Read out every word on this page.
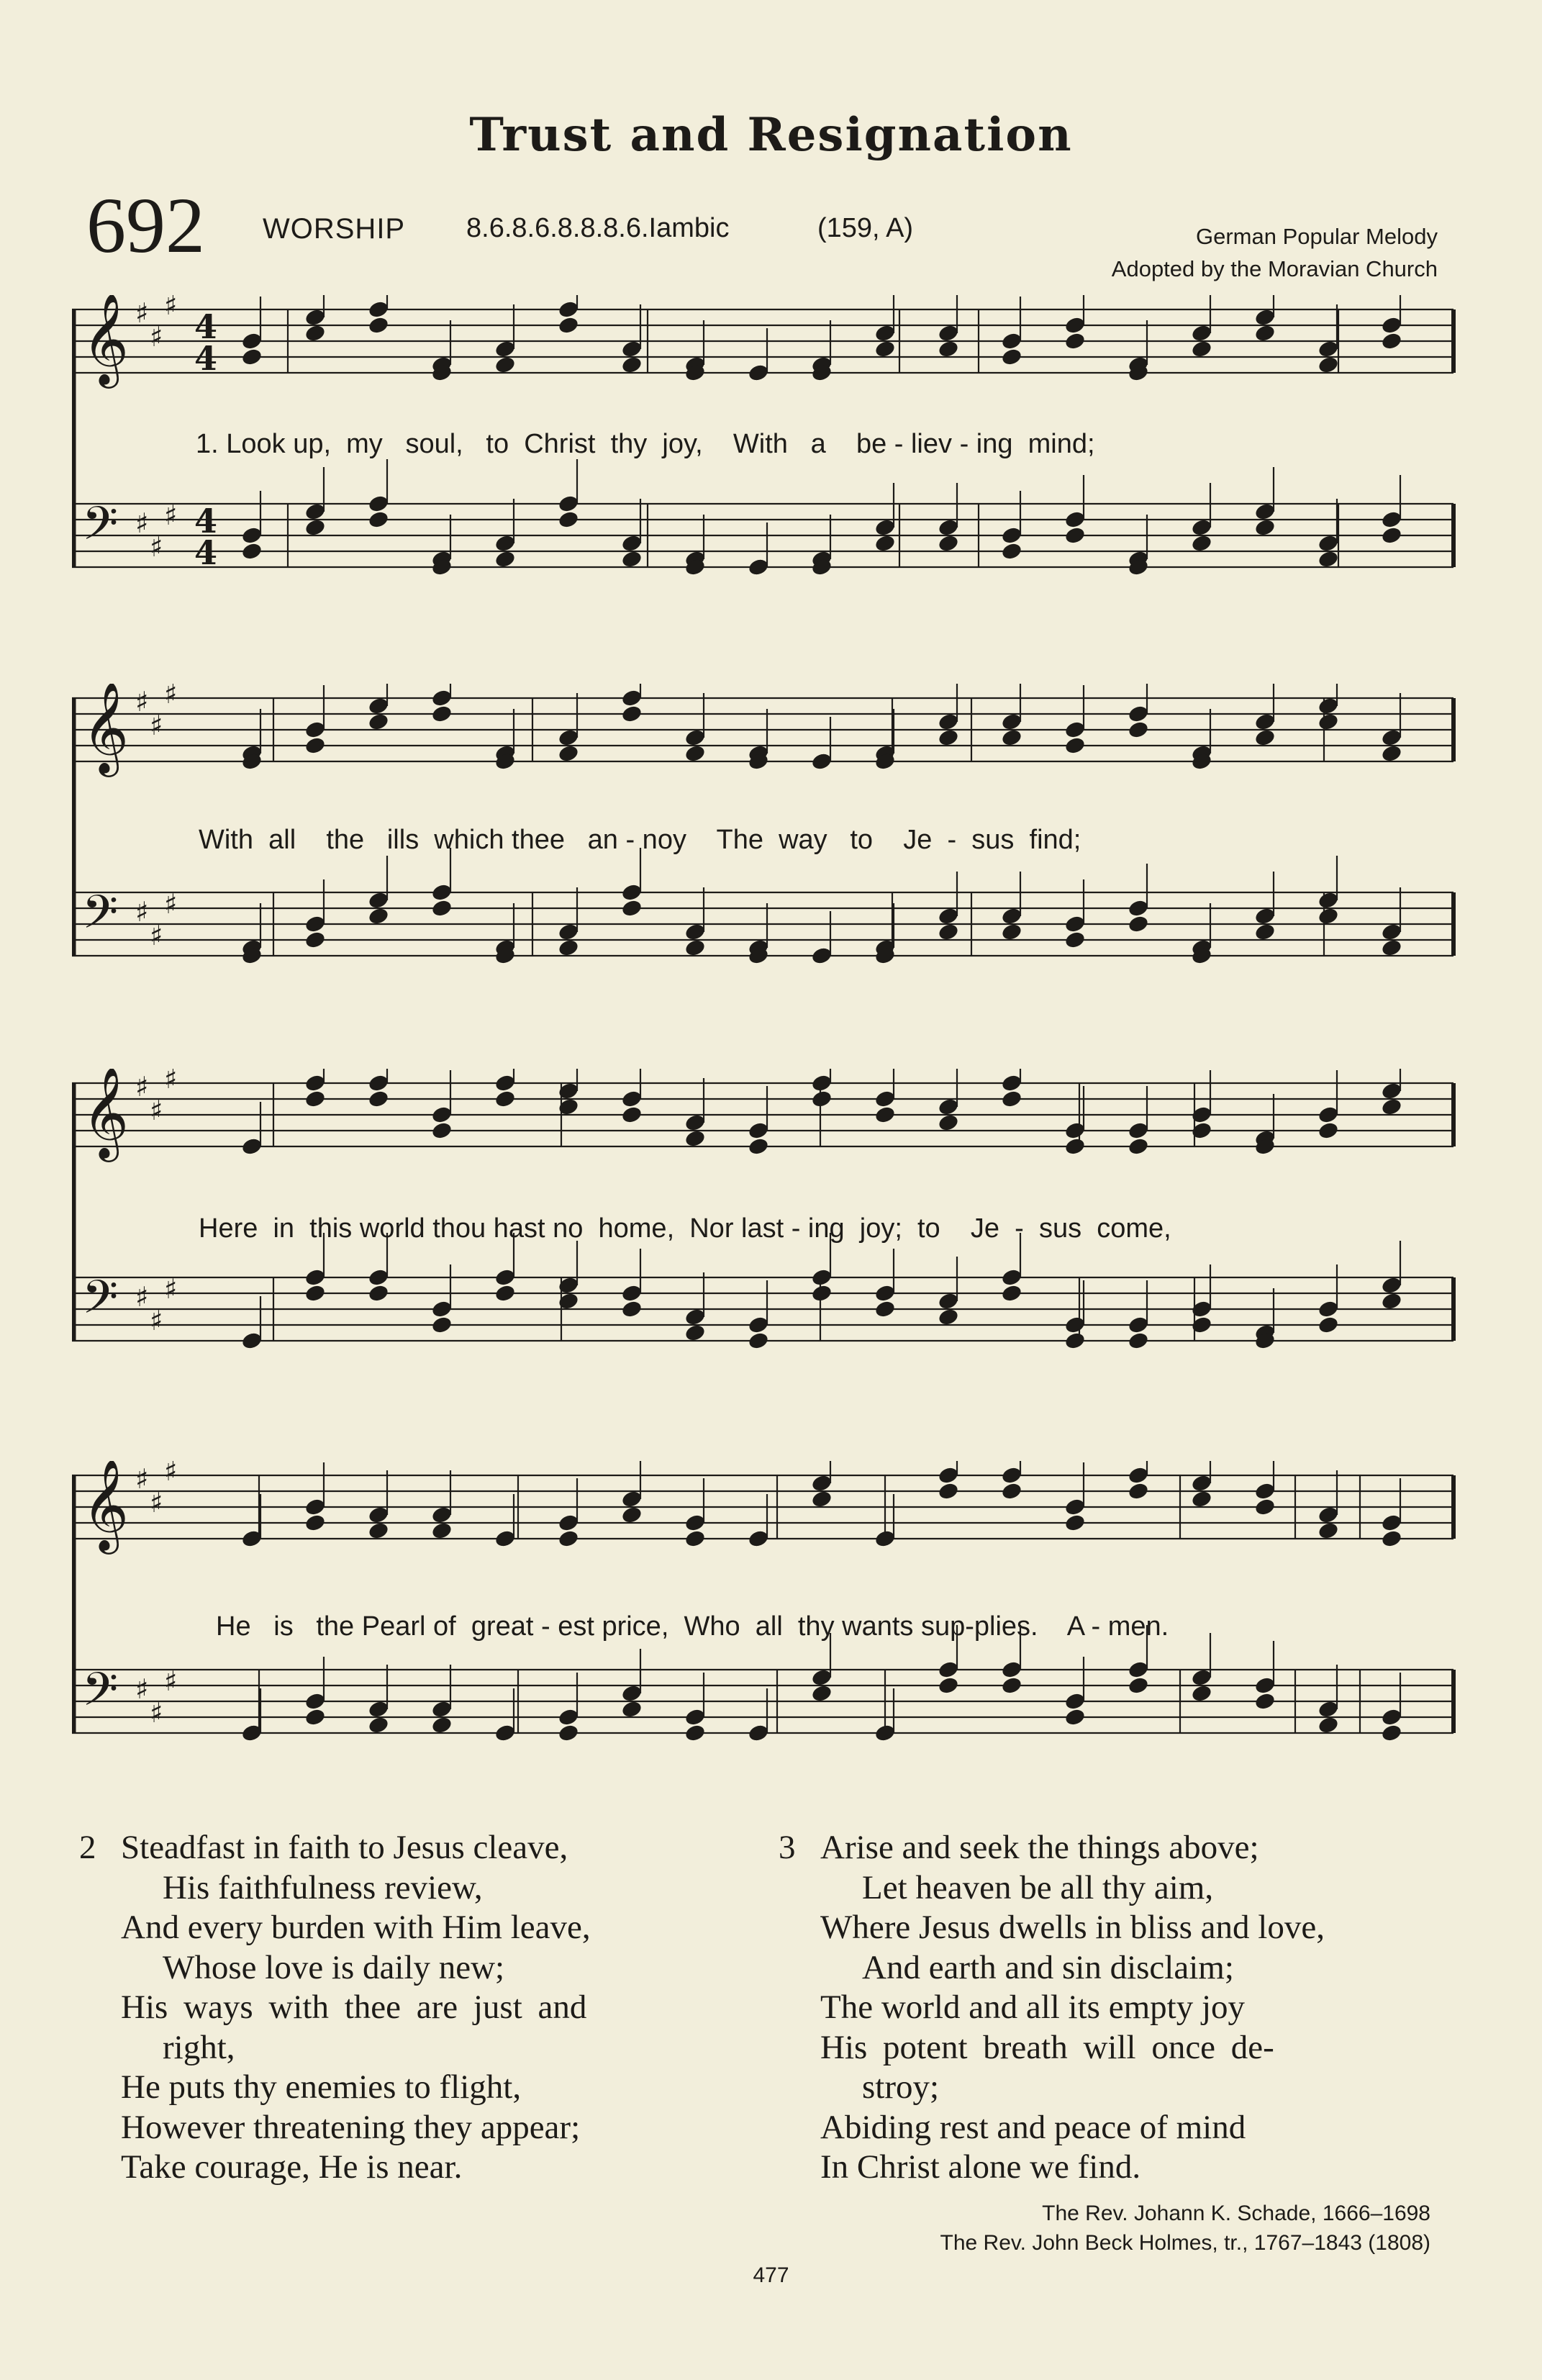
Trust and Resignation
692 WORSHIP 8.6.8.6.8.8.8.6.Iambic	(159, A)	German Popular Melody
Adopted by the Moravian Church
𝄞 ♯
♯
♯
4
4
𝄢 ♯
♯
♯ 4
4
1. Look up,  my   soul,   to  Christ  thy  joy,    With   a    be - liev - ing  mind;
𝄞 ♯
♯
♯
𝄢 ♯
♯
♯
With  all    the   ills  which thee   an - noy    The  way   to    Je  -  sus  find;
𝄞 ♯
♯
♯
𝄢 ♯
♯
♯
Here  in  this world thou hast no  home,  Nor last - ing  joy;  to    Je  -  sus  come,
𝄞 ♯
♯
♯
𝄢 ♯
♯
♯
He   is   the Pearl of  great - est price,  Who  all  thy wants sup-plies.    A - men.
2 Steadfast in faith to Jesus cleave,
His faithfulness review,
And every burden with Him leave,
Whose love is daily new;
His ways with thee are just and
right,
He puts thy enemies to flight,
However threatening they appear;
Take courage, He is near.
3 Arise and seek the things above;
Let heaven be all thy aim,
Where Jesus dwells in bliss and love,
And earth and sin disclaim;
The world and all its empty joy
His potent breath will once de-
stroy;
Abiding rest and peace of mind
In Christ alone we find.
The Rev. Johann K. Schade, 1666–1698
The Rev. John Beck Holmes, tr., 1767–1843 (1808)
477
